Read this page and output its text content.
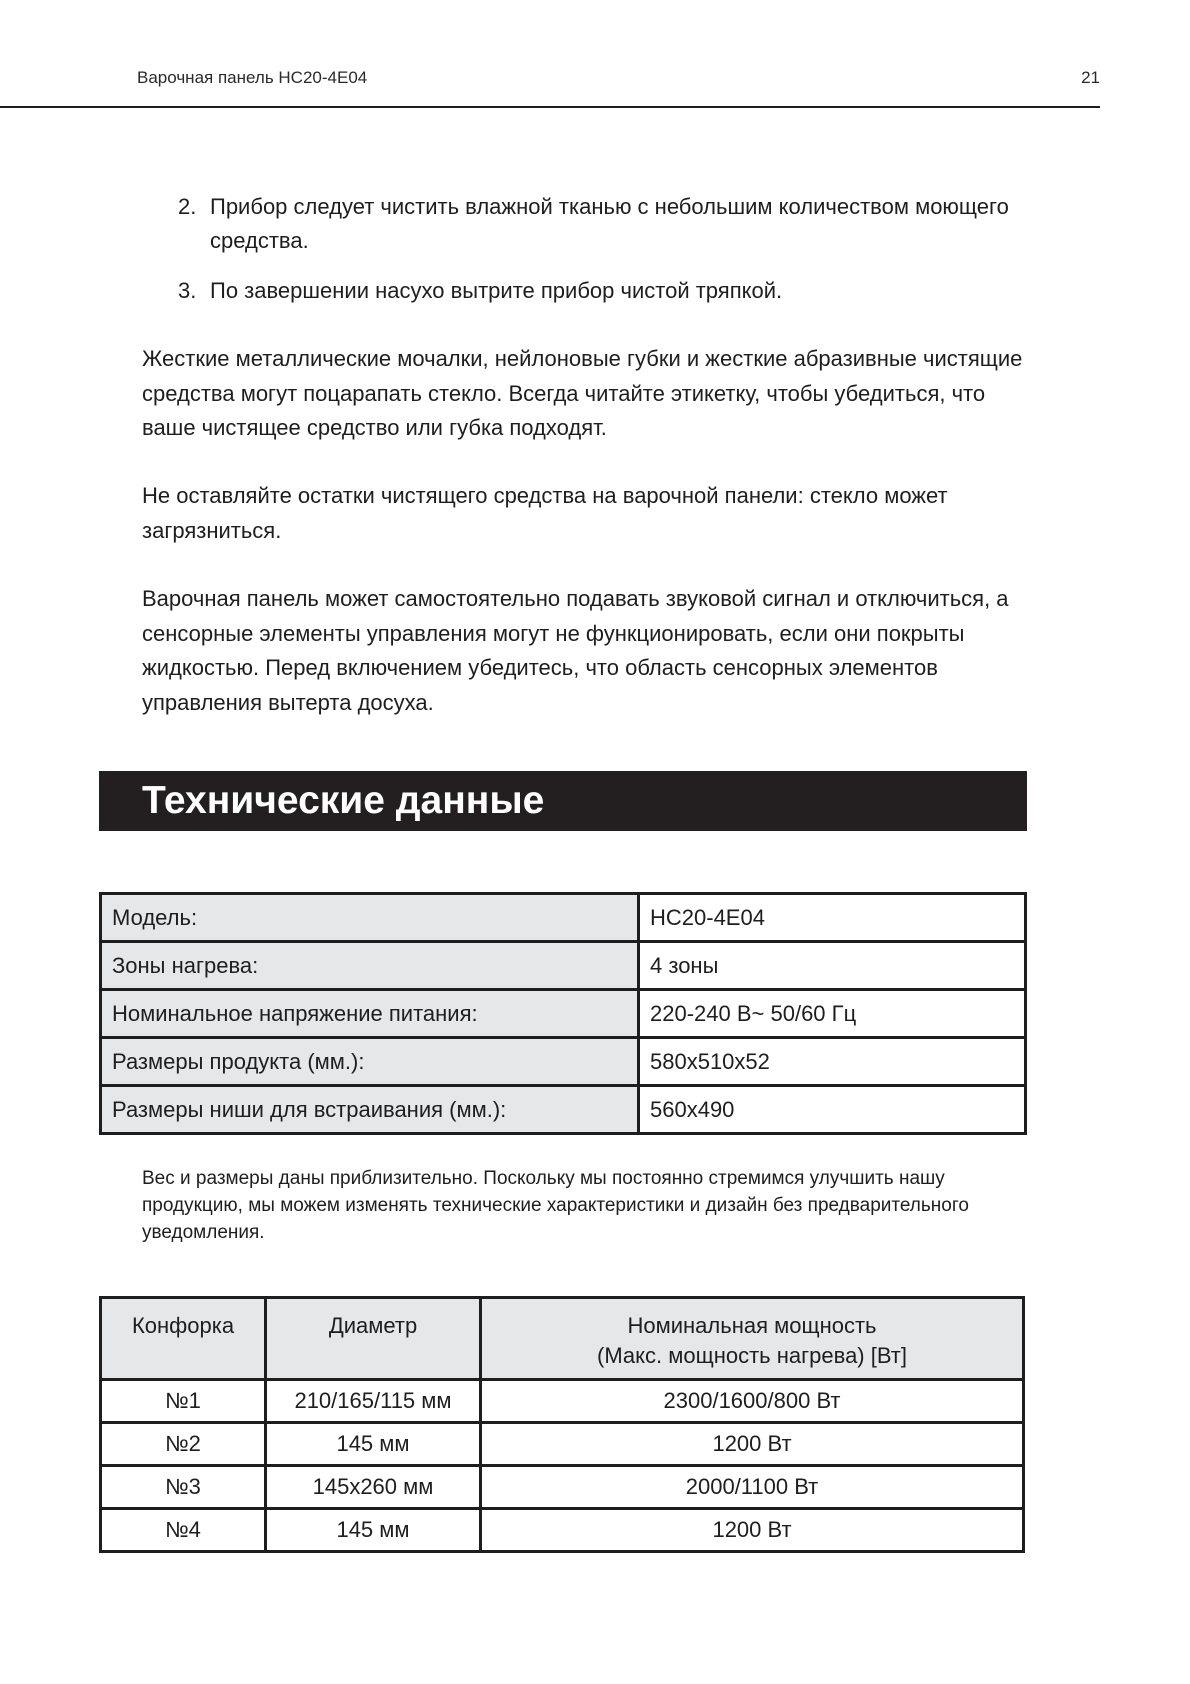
Варочная панель HC20-4E04	21
2. Прибор следует чистить влажной тканью с небольшим количеством моющего средства.
3. По завершении насухо вытрите прибор чистой тряпкой.

Жесткие металлические мочалки, нейлоновые губки и жесткие абразивные чистящие средства могут поцарапать стекло. Всегда читайте этикетку, чтобы убедиться, что ваше чистящее средство или губка подходят.

Не оставляйте остатки чистящего средства на варочной панели: стекло может загрязниться.

Варочная панель может самостоятельно подавать звуковой сигнал и отключиться, а сенсорные элементы управления могут не функционировать, если они покрыты жидкостью. Перед включением убедитесь, что область сенсорных элементов управления вытерта досуха.

Технические данные
Модель:	HC20-4E04
Зоны нагрева:	4 зоны
Номинальное напряжение питания:	220-240 В~ 50/60 Гц
Размеры продукта (мм.):	580x510x52
Размеры ниши для встраивания (мм.):	560x490

Вес и размеры даны приблизительно. Поскольку мы постоянно стремимся улучшить нашу продукцию, мы можем изменять технические характеристики и дизайн без предварительного уведомления.

Конфорка	Диаметр	Номинальная мощность
(Макс. мощность нагрева) [Вт]

№1	210/165/115 мм	2300/1600/800 Вт
№2	145 мм	1200 Вт
№3	145x260 мм	2000/1100 Вт
№4	145 мм	1200 Вт
